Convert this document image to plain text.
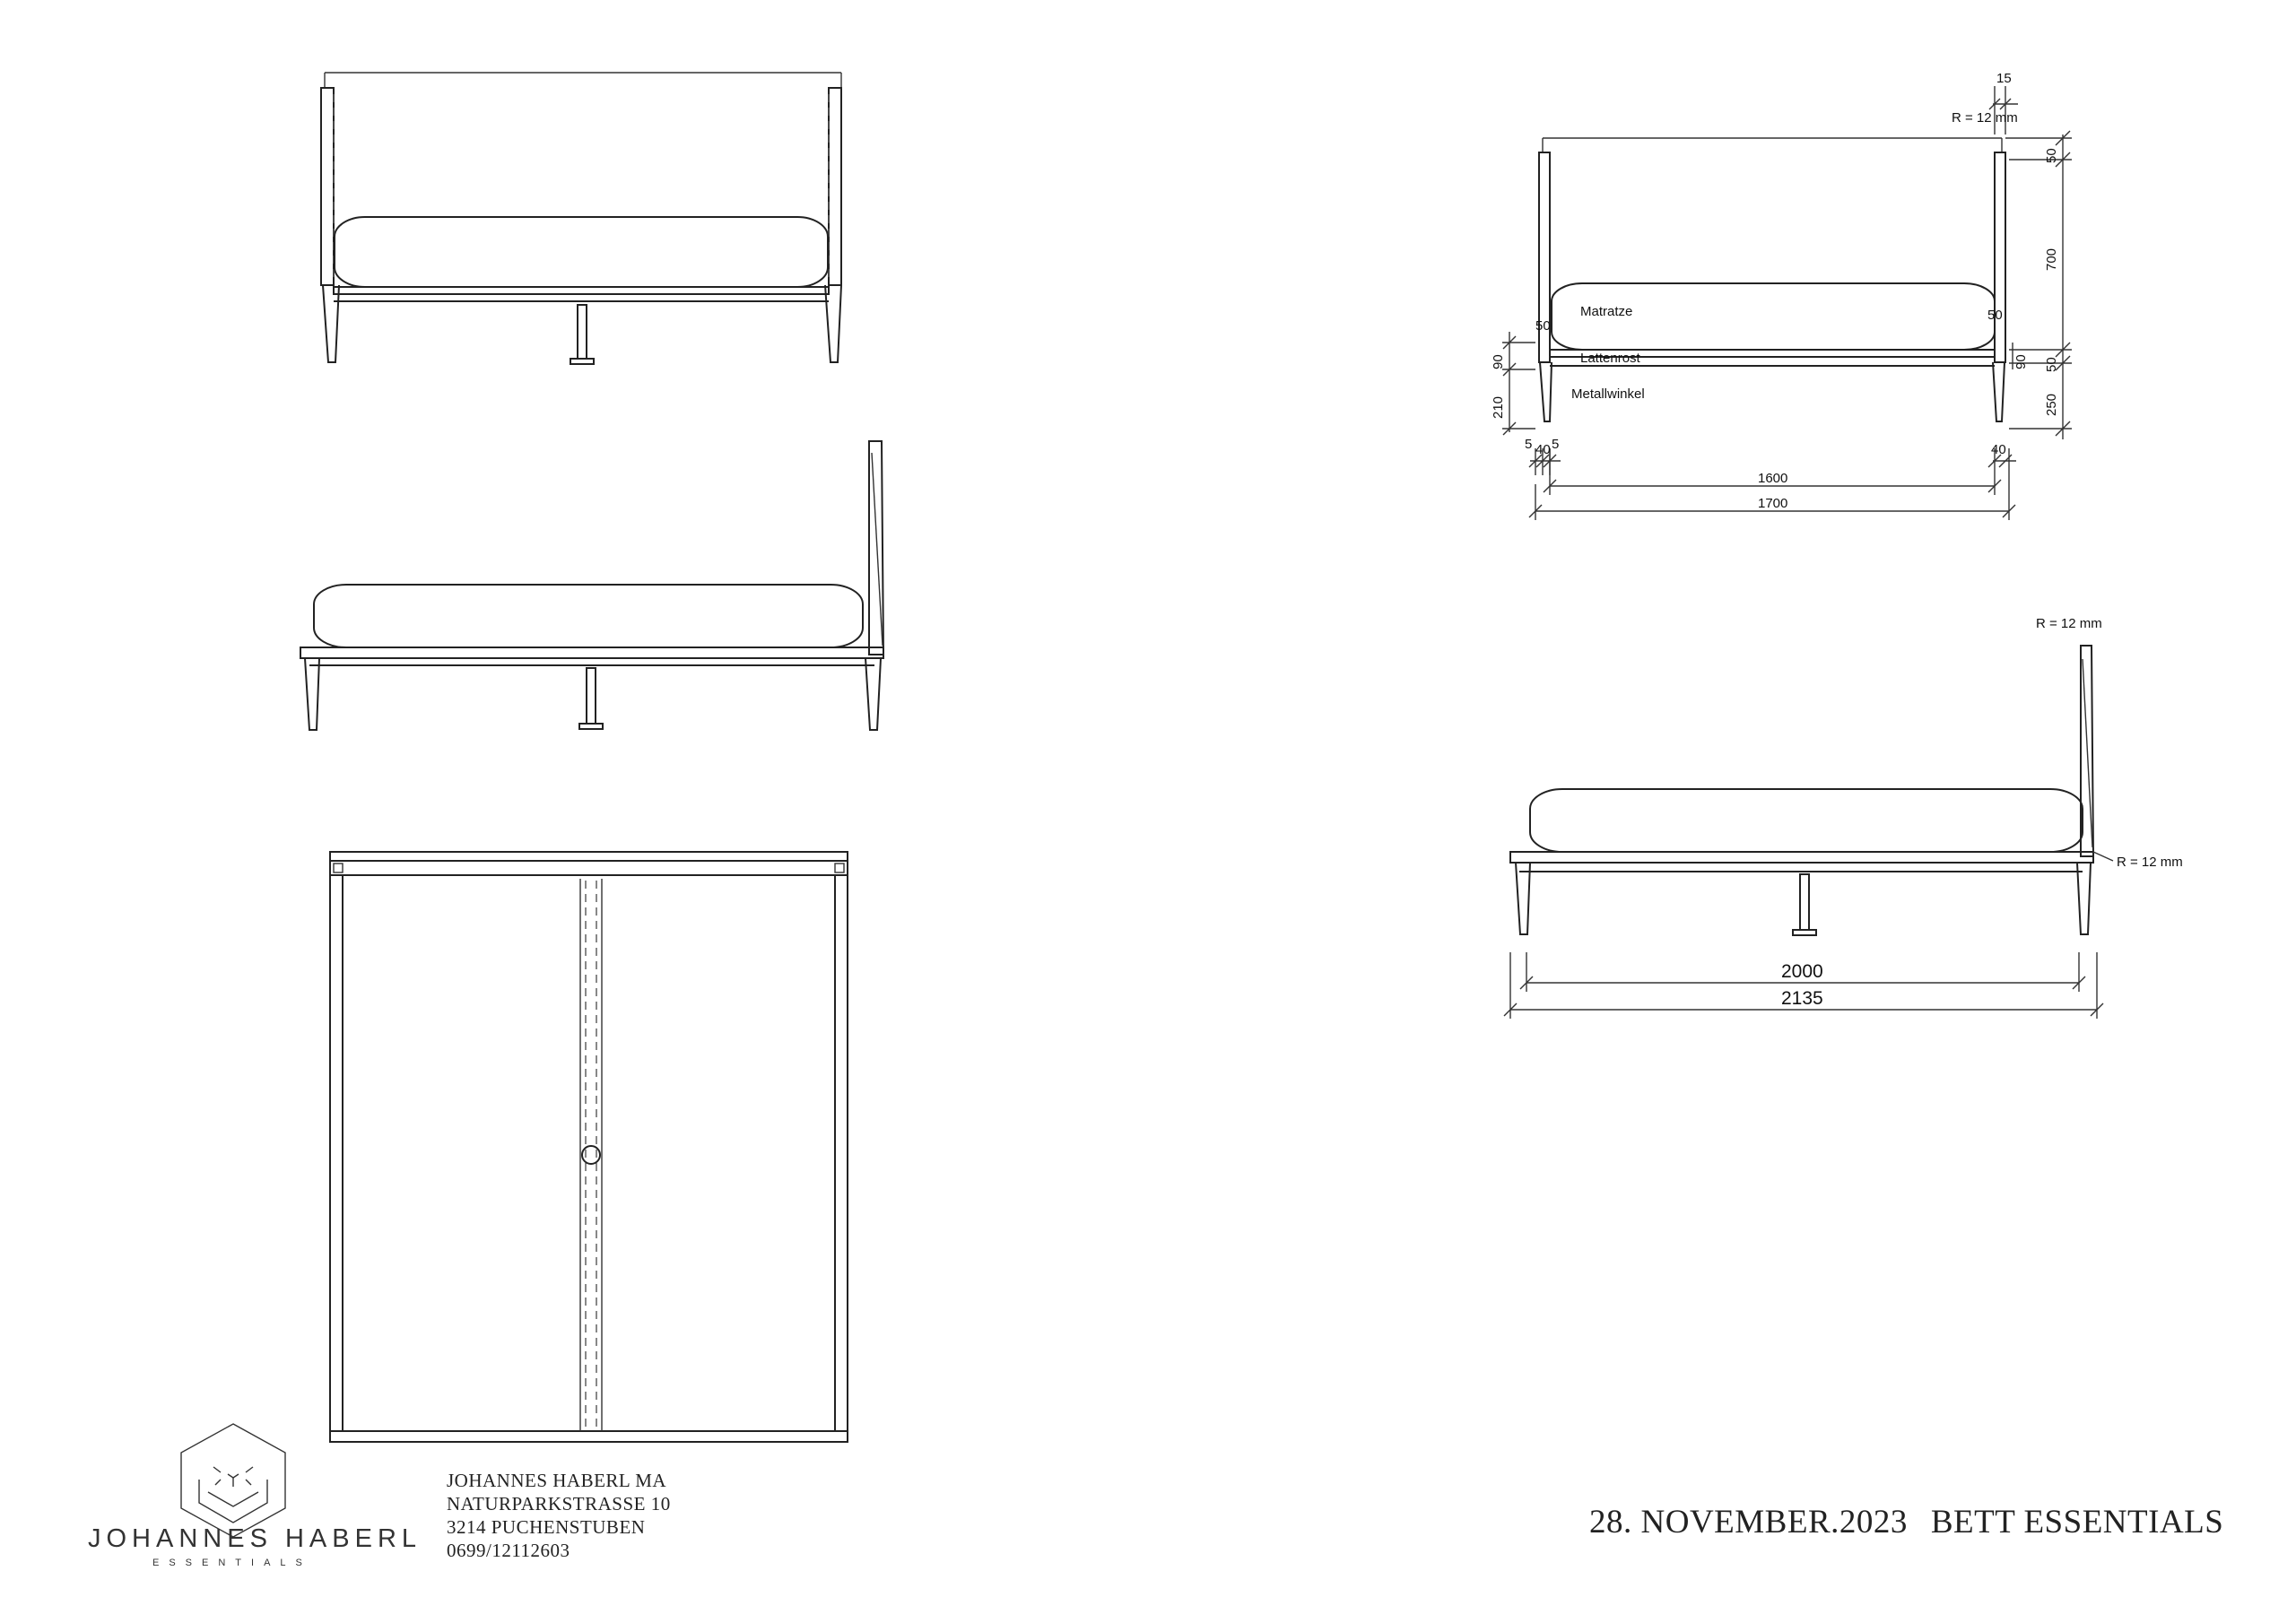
15
R = 12 mm
50
700
50
250
90
210
50
50
90
5 40 5	40
1600
1700
Matratze
Lattenrost
Metallwinkel
R = 12 mm
R = 12 mm
2000
2135
JOHANNES HABERL
ESSENTIALS
JOHANNES HABERL MA
NATURPARKSTRASSE 10
3214 PUCHENSTUBEN
0699/12112603
28. NOVEMBER.2023 BETT ESSENTIALS
